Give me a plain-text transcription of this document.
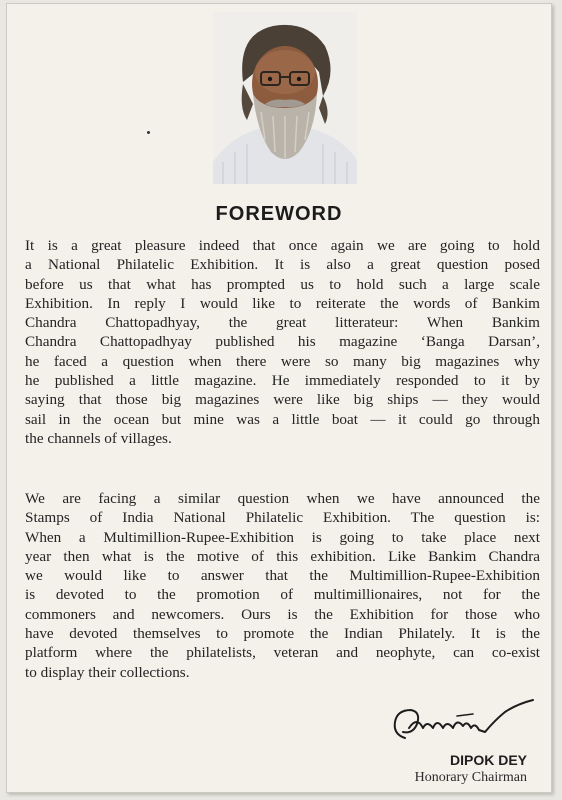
FOREWORD
It is a great pleasure indeed that once again we are going to hold
a National Philatelic Exhibition. It is also a great question posed
before us that what has prompted us to hold such a large scale
Exhibition. In reply I would like to reiterate the words of Bankim
Chandra Chattopadhyay, the great litterateur: When Bankim
Chandra Chattopadhyay published his magazine ‘Banga Darsan’,
he faced a question when there were so many big magazines why
he published a little magazine. He immediately responded to it by
saying that those big magazines were like big ships — they would
sail in the ocean but mine was a little boat — it could go through
the channels of villages.
We are facing a similar question when we have announced the
Stamps of India National Philatelic Exhibition. The question is:
When a Multimillion-Rupee-Exhibition is going to take place next
year then what is the motive of this exhibition. Like Bankim Chandra
we would like to answer that the Multimillion-Rupee-Exhibition
is devoted to the promotion of multimillionaires, not for the
commoners and newcomers. Ours is the Exhibition for those who
have devoted themselves to promote the Indian Philately. It is the
platform where the philatelists, veteran and neophyte, can co-exist
to display their collections.
DIPOK DEY
Honorary Chairman
